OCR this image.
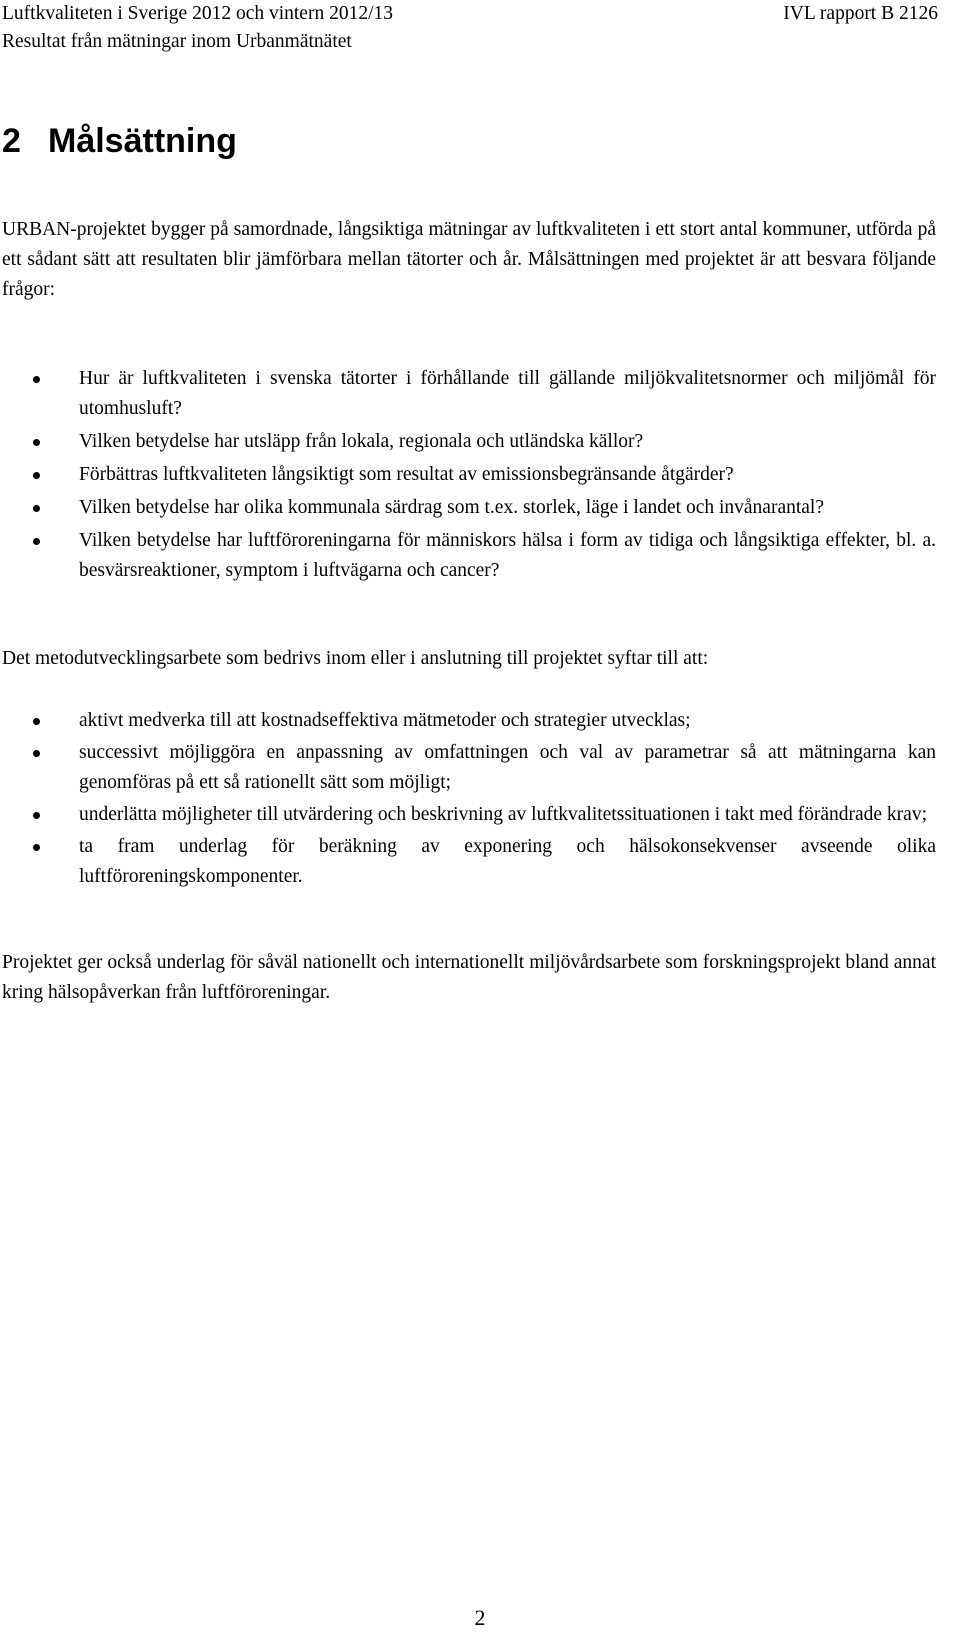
Luftkvaliteten i Sverige 2012 och vintern 2012/13	IVL rapport B 2126
Resultat från mätningar inom Urbanmätnätet
2 Målsättning

URBAN-projektet bygger på samordnade, långsiktiga mätningar av luftkvaliteten i ett stort antal kommuner, utförda på ett sådant sätt att resultaten blir jämförbara mellan tätorter och år. Målsättningen med projektet är att besvara följande frågor:

Hur är luftkvaliteten i svenska tätorter i förhållande till gällande miljökvalitetsnormer och miljömål för utomhusluft?
Vilken betydelse har utsläpp från lokala, regionala och utländska källor?
Förbättras luftkvaliteten långsiktigt som resultat av emissionsbegränsande åtgärder?
Vilken betydelse har olika kommunala särdrag som t.ex. storlek, läge i landet och invånarantal?
Vilken betydelse har luftföroreningarna för människors hälsa i form av tidiga och långsiktiga effekter, bl. a. besvärsreaktioner, symptom i luftvägarna och cancer?

Det metodutvecklingsarbete som bedrivs inom eller i anslutning till projektet syftar till att:

aktivt medverka till att kostnadseffektiva mätmetoder och strategier utvecklas;
successivt möjliggöra en anpassning av omfattningen och val av parametrar så att mätningarna kan genomföras på ett så rationellt sätt som möjligt;
underlätta möjligheter till utvärdering och beskrivning av luftkvalitetssituationen i takt med förändrade krav;
ta fram underlag för beräkning av exponering och hälsokonsekvenser avseende olika luftföroreningskomponenter.

Projektet ger också underlag för såväl nationellt och internationellt miljövårdsarbete som forskningsprojekt bland annat kring hälsopåverkan från luftföroreningar.

2
